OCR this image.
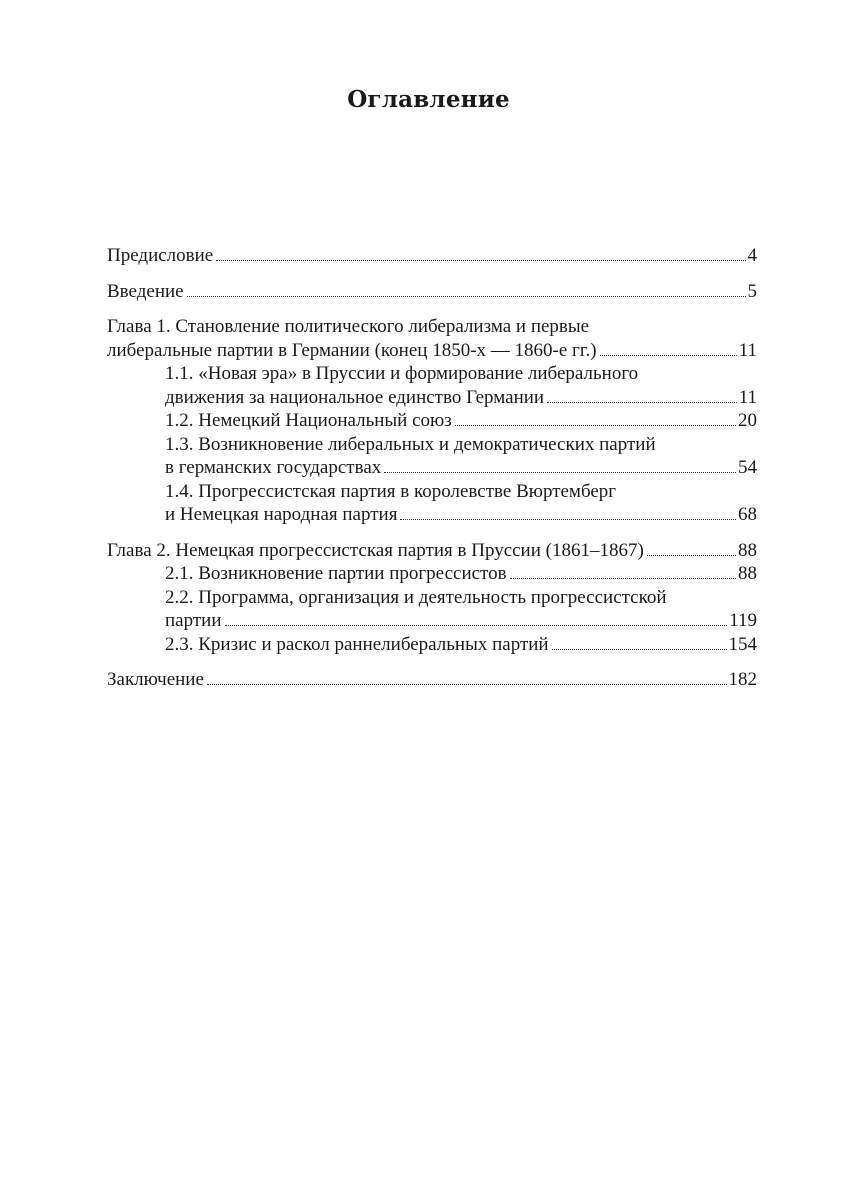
Оглавление
Предисловие	4
Введение	5
Глава 1. Становление политического либерализма и первые
либеральные партии в Германии (конец 1850-х — 1860-е гг.)	11
1.1. «Новая эра» в Пруссии и формирование либерального
движения за национальное единство Германии	11
1.2. Немецкий Национальный союз	20
1.3. Возникновение либеральных и демократических партий
в германских государствах	54
1.4. Прогрессистская партия в королевстве Вюртемберг
и Немецкая народная партия	68
Глава 2. Немецкая прогрессистская партия в Пруссии (1861–1867)	88
2.1. Возникновение партии прогрессистов	88
2.2. Программа, организация и деятельность прогрессистской
партии	119
2.3. Кризис и раскол раннелиберальных партий	154
Заключение	182
